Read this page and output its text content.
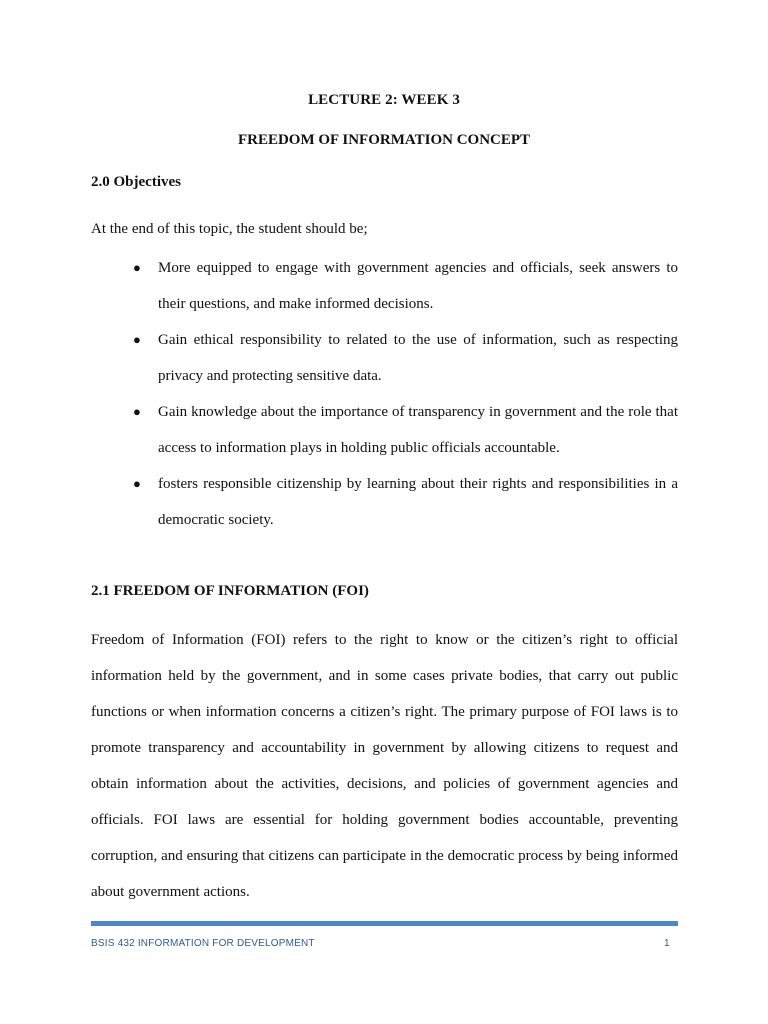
LECTURE 2: WEEK 3
FREEDOM OF INFORMATION CONCEPT
2.0 Objectives
At the end of this topic, the student should be;
● More equipped to engage with government agencies and officials, seek answers to their questions, and make informed decisions.
● Gain ethical responsibility to related to the use of information, such as respecting privacy and protecting sensitive data.
● Gain knowledge about the importance of transparency in government and the role that access to information plays in holding public officials accountable.
● fosters responsible citizenship by learning about their rights and responsibilities in a democratic society.
2.1 FREEDOM OF INFORMATION (FOI)

Freedom of Information (FOI) refers to the right to know or the citizen’s right to official information held by the government, and in some cases private bodies, that carry out public functions or when information concerns a citizen’s right. The primary purpose of FOI laws is to promote transparency and accountability in government by allowing citizens to request and obtain information about the activities, decisions, and policies of government agencies and officials. FOI laws are essential for holding government bodies accountable, preventing corruption, and ensuring that citizens can participate in the democratic process by being informed about government actions.

BSIS 432 INFORMATION FOR DEVELOPMENT	1
